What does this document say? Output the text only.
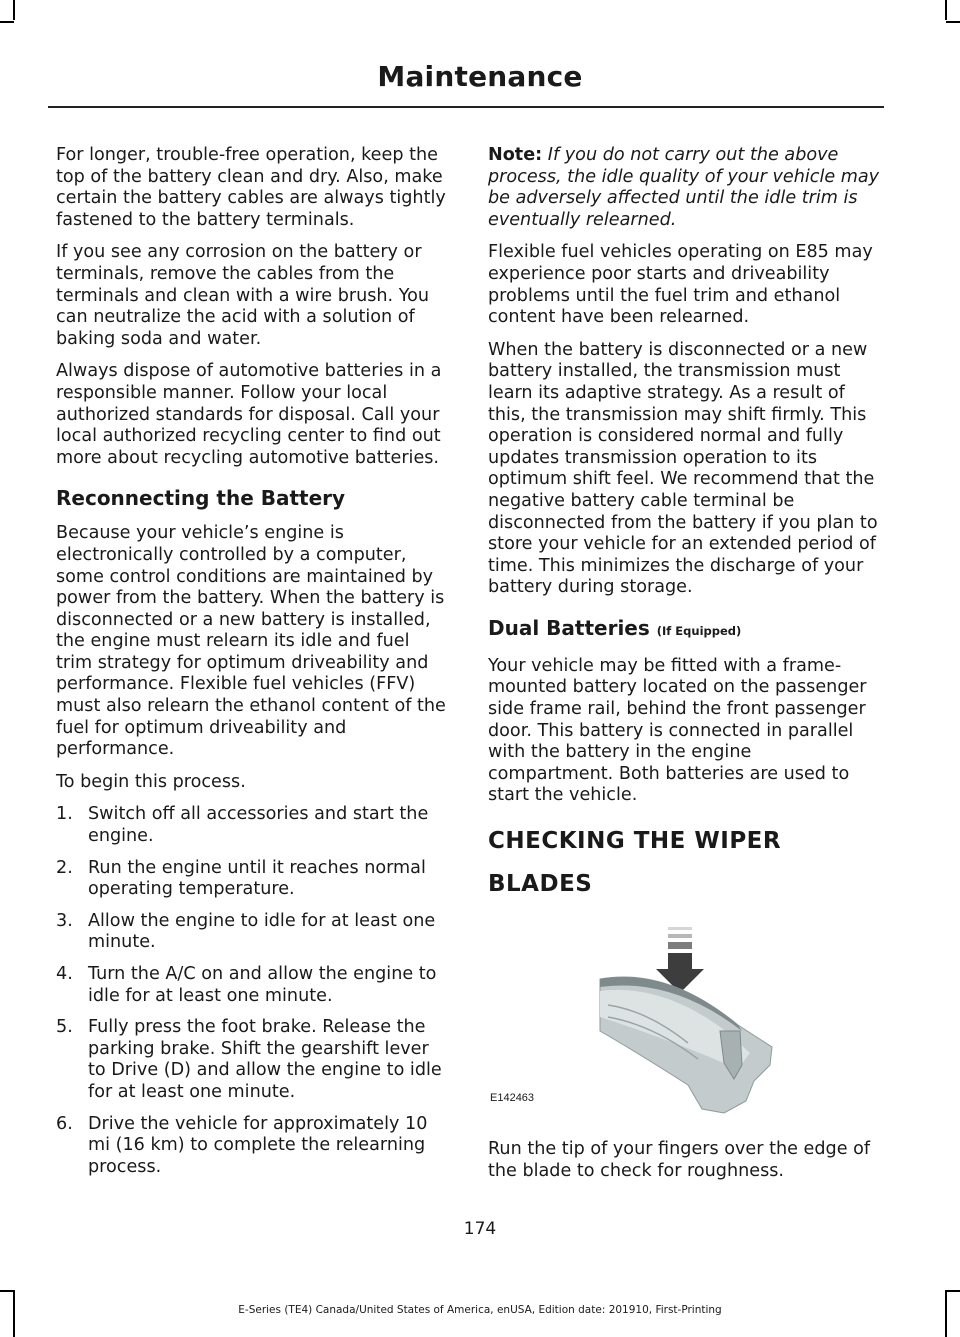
Maintenance

For longer, trouble-free operation, keep the top of the battery clean and dry. Also, make certain the battery cables are always tightly fastened to the battery terminals.

If you see any corrosion on the battery or terminals, remove the cables from the terminals and clean with a wire brush. You can neutralize the acid with a solution of baking soda and water.

Always dispose of automotive batteries in a responsible manner. Follow your local authorized standards for disposal. Call your local authorized recycling center to find out more about recycling automotive batteries.

Reconnecting the Battery

Because your vehicle’s engine is electronically controlled by a computer, some control conditions are maintained by power from the battery. When the battery is disconnected or a new battery is installed, the engine must relearn its idle and fuel trim strategy for optimum driveability and performance. Flexible fuel vehicles (FFV) must also relearn the ethanol content of the fuel for optimum driveability and performance.

To begin this process.

1. Switch off all accessories and start the engine.
2. Run the engine until it reaches normal operating temperature.
3. Allow the engine to idle for at least one minute.
4. Turn the A/C on and allow the engine to idle for at least one minute.
5. Fully press the foot brake. Release the parking brake. Shift the gearshift lever to Drive (D) and allow the engine to idle for at least one minute.
6. Drive the vehicle for approximately 10 mi (16 km) to complete the relearning process.

Note: If you do not carry out the above process, the idle quality of your vehicle may be adversely affected until the idle trim is eventually relearned.

Flexible fuel vehicles operating on E85 may experience poor starts and driveability problems until the fuel trim and ethanol content have been relearned.

When the battery is disconnected or a new battery installed, the transmission must learn its adaptive strategy. As a result of this, the transmission may shift firmly. This operation is considered normal and fully updates transmission operation to its optimum shift feel. We recommend that the negative battery cable terminal be disconnected from the battery if you plan to store your vehicle for an extended period of time. This minimizes the discharge of your battery during storage.

Dual Batteries (If Equipped)

Your vehicle may be fitted with a frame-mounted battery located on the passenger side frame rail, behind the front passenger door. This battery is connected in parallel with the battery in the engine compartment. Both batteries are used to start the vehicle.

CHECKING THE WIPER
BLADES
E142463

Run the tip of your fingers over the edge of the blade to check for roughness.

174
E-Series (TE4) Canada/United States of America, enUSA, Edition date: 201910, First-Printing
